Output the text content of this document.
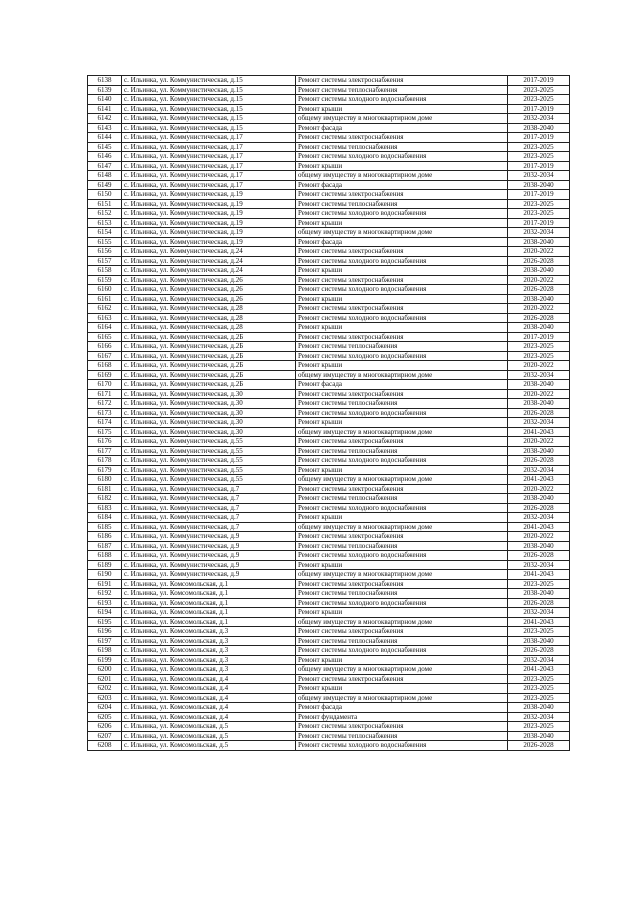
6138	с. Ильинка, ул. Коммунистическая, д.15	Ремонт системы электроснабжения	2017-2019
6139	с. Ильинка, ул. Коммунистическая, д.15	Ремонт системы теплоснабжения	2023-2025
6140	с. Ильинка, ул. Коммунистическая, д.15	Ремонт системы холодного водоснабжения	2023-2025
6141	с. Ильинка, ул. Коммунистическая, д.15	Ремонт крыши	2017-2019
6142	с. Ильинка, ул. Коммунистическая, д.15	общему имуществу в многоквартирном доме	2032-2034
6143	с. Ильинка, ул. Коммунистическая, д.15	Ремонт фасада	2038-2040
6144	с. Ильинка, ул. Коммунистическая, д.17	Ремонт системы электроснабжения	2017-2019
6145	с. Ильинка, ул. Коммунистическая, д.17	Ремонт системы теплоснабжения	2023-2025
6146	с. Ильинка, ул. Коммунистическая, д.17	Ремонт системы холодного водоснабжения	2023-2025
6147	с. Ильинка, ул. Коммунистическая, д.17	Ремонт крыши	2017-2019
6148	с. Ильинка, ул. Коммунистическая, д.17	общему имуществу в многоквартирном доме	2032-2034
6149	с. Ильинка, ул. Коммунистическая, д.17	Ремонт фасада	2038-2040
6150	с. Ильинка, ул. Коммунистическая, д.19	Ремонт системы электроснабжения	2017-2019
6151	с. Ильинка, ул. Коммунистическая, д.19	Ремонт системы теплоснабжения	2023-2025
6152	с. Ильинка, ул. Коммунистическая, д.19	Ремонт системы холодного водоснабжения	2023-2025
6153	с. Ильинка, ул. Коммунистическая, д.19	Ремонт крыши	2017-2019
6154	с. Ильинка, ул. Коммунистическая, д.19	общему имуществу в многоквартирном доме	2032-2034
6155	с. Ильинка, ул. Коммунистическая, д.19	Ремонт фасада	2038-2040
6156	с. Ильинка, ул. Коммунистическая, д.24	Ремонт системы электроснабжения	2020-2022
6157	с. Ильинка, ул. Коммунистическая, д.24	Ремонт системы холодного водоснабжения	2026-2028
6158	с. Ильинка, ул. Коммунистическая, д.24	Ремонт крыши	2038-2040
6159	с. Ильинка, ул. Коммунистическая, д.26	Ремонт системы электроснабжения	2020-2022
6160	с. Ильинка, ул. Коммунистическая, д.26	Ремонт системы холодного водоснабжения	2026-2028
6161	с. Ильинка, ул. Коммунистическая, д.26	Ремонт крыши	2038-2040
6162	с. Ильинка, ул. Коммунистическая, д.28	Ремонт системы электроснабжения	2020-2022
6163	с. Ильинка, ул. Коммунистическая, д.28	Ремонт системы холодного водоснабжения	2026-2028
6164	с. Ильинка, ул. Коммунистическая, д.28	Ремонт крыши	2038-2040
6165	с. Ильинка, ул. Коммунистическая, д.2Б	Ремонт системы электроснабжения	2017-2019
6166	с. Ильинка, ул. Коммунистическая, д.2Б	Ремонт системы теплоснабжения	2023-2025
6167	с. Ильинка, ул. Коммунистическая, д.2Б	Ремонт системы холодного водоснабжения	2023-2025
6168	с. Ильинка, ул. Коммунистическая, д.2Б	Ремонт крыши	2020-2022
6169	с. Ильинка, ул. Коммунистическая, д.2Б	общему имуществу в многоквартирном доме	2032-2034
6170	с. Ильинка, ул. Коммунистическая, д.2Б	Ремонт фасада	2038-2040
6171	с. Ильинка, ул. Коммунистическая, д.30	Ремонт системы электроснабжения	2020-2022
6172	с. Ильинка, ул. Коммунистическая, д.30	Ремонт системы теплоснабжения	2038-2040
6173	с. Ильинка, ул. Коммунистическая, д.30	Ремонт системы холодного водоснабжения	2026-2028
6174	с. Ильинка, ул. Коммунистическая, д.30	Ремонт крыши	2032-2034
6175	с. Ильинка, ул. Коммунистическая, д.30	общему имуществу в многоквартирном доме	2041-2043
6176	с. Ильинка, ул. Коммунистическая, д.55	Ремонт системы электроснабжения	2020-2022
6177	с. Ильинка, ул. Коммунистическая, д.55	Ремонт системы теплоснабжения	2038-2040
6178	с. Ильинка, ул. Коммунистическая, д.55	Ремонт системы холодного водоснабжения	2026-2028
6179	с. Ильинка, ул. Коммунистическая, д.55	Ремонт крыши	2032-2034
6180	с. Ильинка, ул. Коммунистическая, д.55	общему имуществу в многоквартирном доме	2041-2043
6181	с. Ильинка, ул. Коммунистическая, д.7	Ремонт системы электроснабжения	2020-2022
6182	с. Ильинка, ул. Коммунистическая, д.7	Ремонт системы теплоснабжения	2038-2040
6183	с. Ильинка, ул. Коммунистическая, д.7	Ремонт системы холодного водоснабжения	2026-2028
6184	с. Ильинка, ул. Коммунистическая, д.7	Ремонт крыши	2032-2034
6185	с. Ильинка, ул. Коммунистическая, д.7	общему имуществу в многоквартирном доме	2041-2043
6186	с. Ильинка, ул. Коммунистическая, д.9	Ремонт системы электроснабжения	2020-2022
6187	с. Ильинка, ул. Коммунистическая, д.9	Ремонт системы теплоснабжения	2038-2040
6188	с. Ильинка, ул. Коммунистическая, д.9	Ремонт системы холодного водоснабжения	2026-2028
6189	с. Ильинка, ул. Коммунистическая, д.9	Ремонт крыши	2032-2034
6190	с. Ильинка, ул. Коммунистическая, д.9	общему имуществу в многоквартирном доме	2041-2043
6191	с. Ильинка, ул. Комсомольская, д.1	Ремонт системы электроснабжения	2023-2025
6192	с. Ильинка, ул. Комсомольская, д.1	Ремонт системы теплоснабжения	2038-2040
6193	с. Ильинка, ул. Комсомольская, д.1	Ремонт системы холодного водоснабжения	2026-2028
6194	с. Ильинка, ул. Комсомольская, д.1	Ремонт крыши	2032-2034
6195	с. Ильинка, ул. Комсомольская, д.1	общему имуществу в многоквартирном доме	2041-2043
6196	с. Ильинка, ул. Комсомольская, д.3	Ремонт системы электроснабжения	2023-2025
6197	с. Ильинка, ул. Комсомольская, д.3	Ремонт системы теплоснабжения	2038-2040
6198	с. Ильинка, ул. Комсомольская, д.3	Ремонт системы холодного водоснабжения	2026-2028
6199	с. Ильинка, ул. Комсомольская, д.3	Ремонт крыши	2032-2034
6200	с. Ильинка, ул. Комсомольская, д.3	общему имуществу в многоквартирном доме	2041-2043
6201	с. Ильинка, ул. Комсомольская, д.4	Ремонт системы электроснабжения	2023-2025
6202	с. Ильинка, ул. Комсомольская, д.4	Ремонт крыши	2023-2025
6203	с. Ильинка, ул. Комсомольская, д.4	общему имуществу в многоквартирном доме	2023-2025
6204	с. Ильинка, ул. Комсомольская, д.4	Ремонт фасада	2038-2040
6205	с. Ильинка, ул. Комсомольская, д.4	Ремонт фундамента	2032-2034
6206	с. Ильинка, ул. Комсомольская, д.5	Ремонт системы электроснабжения	2023-2025
6207	с. Ильинка, ул. Комсомольская, д.5	Ремонт системы теплоснабжения	2038-2040
6208	с. Ильинка, ул. Комсомольская, д.5	Ремонт системы холодного водоснабжения	2026-2028
